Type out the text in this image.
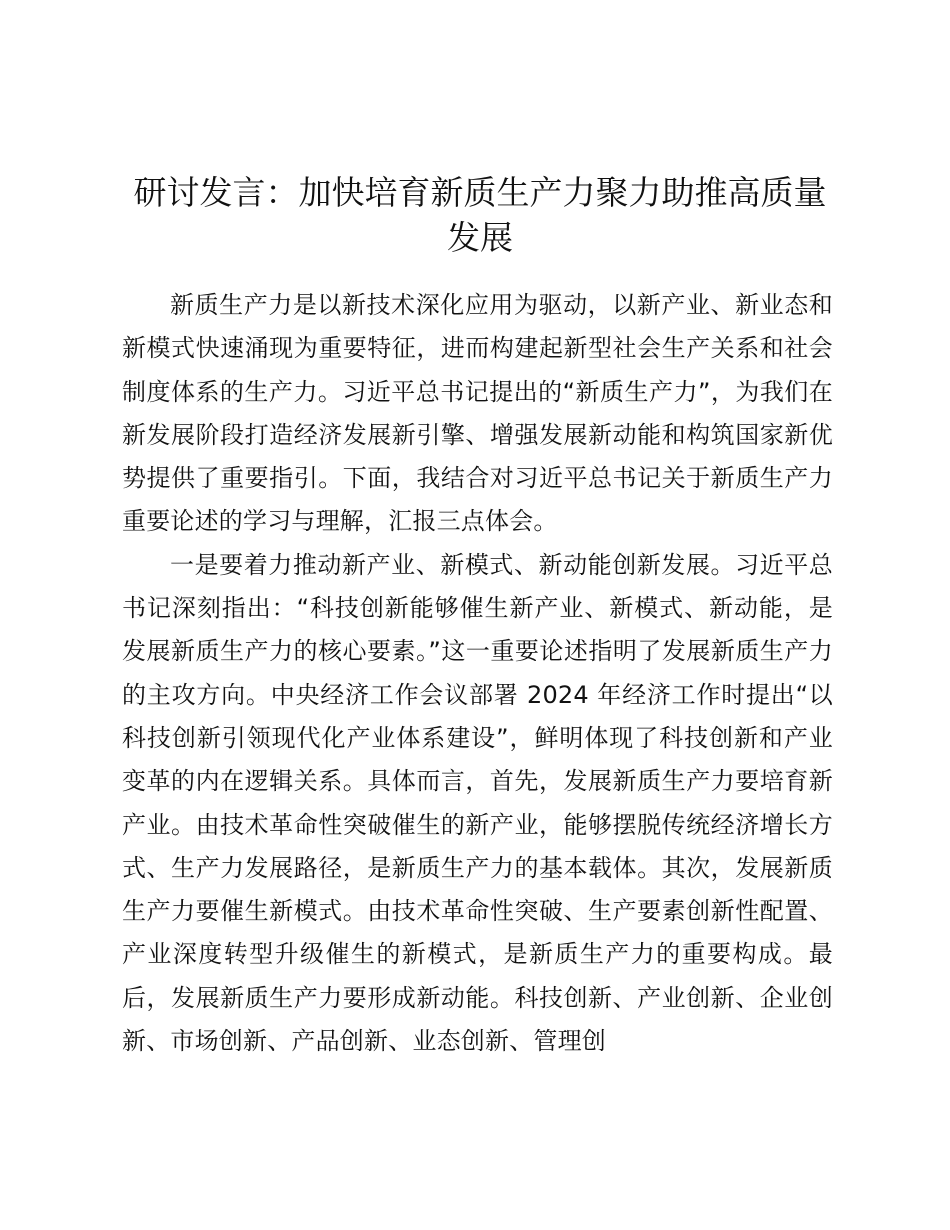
研讨发言：加快培育新质生产力聚力助推高质量发展

新质生产力是以新技术深化应用为驱动，以新产业、新业态和新模式快速涌现为重要特征，进而构建起新型社会生产关系和社会制度体系的生产力。习近平总书记提出的“新质生产力”，为我们在新发展阶段打造经济发展新引擎、增强发展新动能和构筑国家新优势提供了重要指引。下面，我结合对习近平总书记关于新质生产力重要论述的学习与理解，汇报三点体会。

一是要着力推动新产业、新模式、新动能创新发展。习近平总书记深刻指出：“科技创新能够催生新产业、新模式、新动能，是发展新质生产力的核心要素。”这一重要论述指明了发展新质生产力的主攻方向。中央经济工作会议部署 2024 年经济工作时提出“以科技创新引领现代化产业体系建设”，鲜明体现了科技创新和产业变革的内在逻辑关系。具体而言，首先，发展新质生产力要培育新产业。由技术革命性突破催生的新产业，能够摆脱传统经济增长方式、生产力发展路径，是新质生产力的基本载体。其次，发展新质生产力要催生新模式。由技术革命性突破、生产要素创新性配置、产业深度转型升级催生的新模式，是新质生产力的重要构成。最后，发展新质生产力要形成新动能。科技创新、产业创新、企业创新、市场创新、产品创新、业态创新、管理创
